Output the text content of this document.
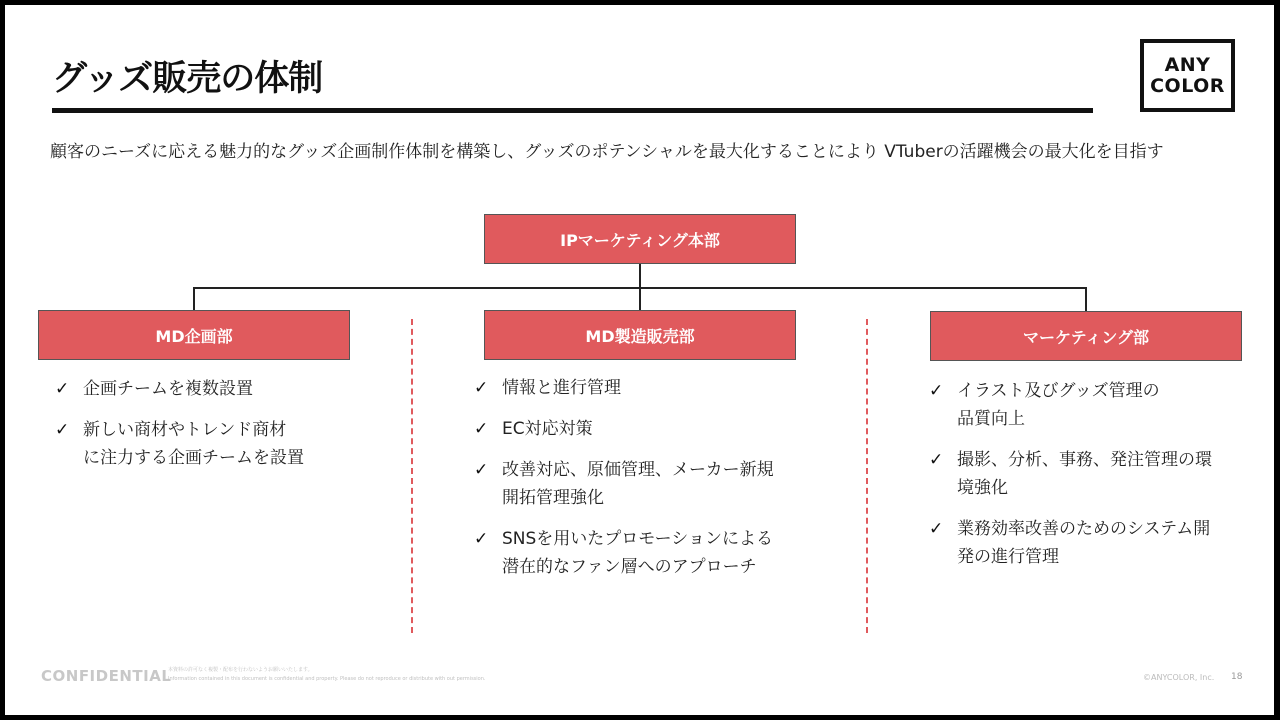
グッズ販売の体制	ANY
COLOR
顧客のニーズに応える魅力的なグッズ企画制作体制を構築し、グッズのポテンシャルを最大化することにより VTuberの活躍機会の最大化を目指す
IPマーケティング本部
MD企画部	MD製造販売部	マーケティング部
✓ 企画チームを複数設置
✓ 新しい商材やトレンド商材
に注力する企画チームを設置
✓ 情報と進行管理
✓ EC対応対策
✓ 改善対応、原価管理、メーカー新規
開拓管理強化
✓ SNSを用いたプロモーションによる
潜在的なファン層へのアプローチ
✓ イラスト及びグッズ管理の
品質向上
✓ 撮影、分析、事務、発注管理の環
境強化
✓ 業務効率改善のためのシステム開
発の進行管理
CONFIDENTIAL
本資料の許可なく複製・配布を行わないようお願いいたします。
Information contained in this document is confidential and property. Please do not reproduce or distribute with out permission.	©ANYCOLOR, Inc. 18
